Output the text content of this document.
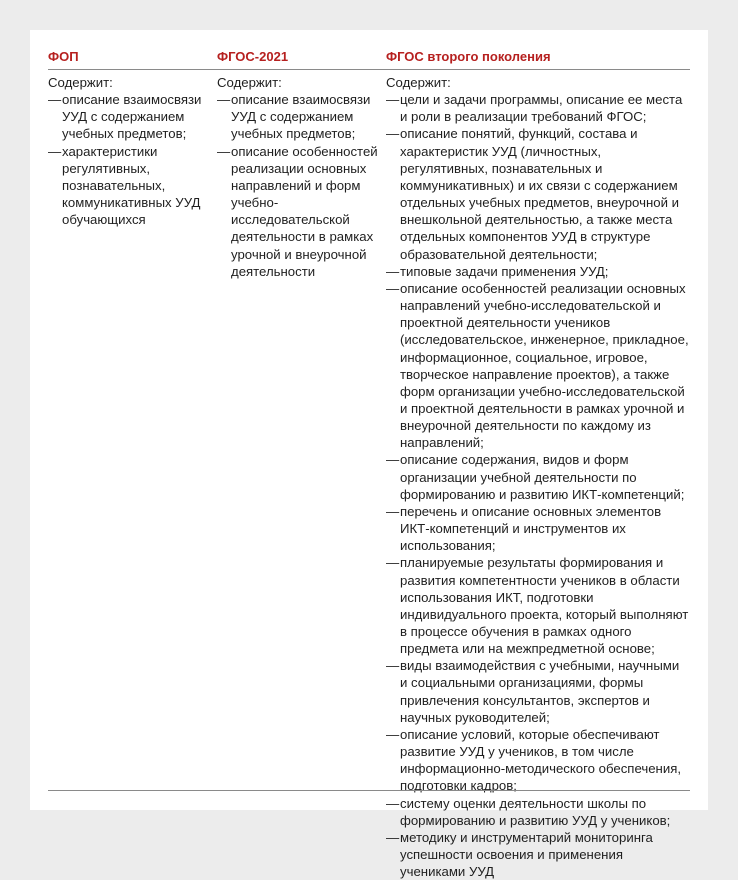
ФОП	ФГОС-2021	ФГОС второго поколения

Содержит:

— описание взаимосвязи УУД с содержанием учебных предметов;
— характеристики регулятивных, познавательных, коммуникативных УУД обучающихся

Содержит:

— описание взаимосвязи УУД с содержанием учебных предметов;
— описание особенностей реализации основных направлений и форм учебно-исследовательской деятельности в рамках урочной и внеурочной деятельности

Содержит:

— цели и задачи программы, описание ее места и роли в реализации требований ФГОС;
— описание понятий, функций, состава и характеристик УУД (личностных, регулятивных, познавательных и коммуникативных) и их связи с содержанием отдельных учебных предметов, внеурочной и внешкольной деятельностью, а также места отдельных компонентов УУД в структуре образовательной деятельности;
— типовые задачи применения УУД;
— описание особенностей реализации основных направлений учебно-исследовательской и проектной деятельности учеников (исследовательское, инженерное, прикладное, информационное, социальное, игровое, творческое направление проектов), а также форм организации учебно-исследовательской и проектной деятельности в рамках урочной и внеурочной деятельности по каждому из направлений;
— описание содержания, видов и форм организации учебной деятельности по формированию и развитию ИКТ-компетенций;
— перечень и описание основных элементов ИКТ-компетенций и инструментов их использования;
— планируемые результаты формирования и развития компетентности учеников в области использования ИКТ, подготовки индивидуального проекта, который выполняют в процессе обучения в рамках одного предмета или на межпредметной основе;
— виды взаимодействия с учебными, научными и социальными организациями, формы привлечения консультантов, экспертов и научных руководителей;
— описание условий, которые обеспечивают развитие УУД у учеников, в том числе информационно-методического обеспечения, подготовки кадров;
— систему оценки деятельности школы по формированию и развитию УУД у учеников;
— методику и инструментарий мониторинга успешности освоения и применения учениками УУД
